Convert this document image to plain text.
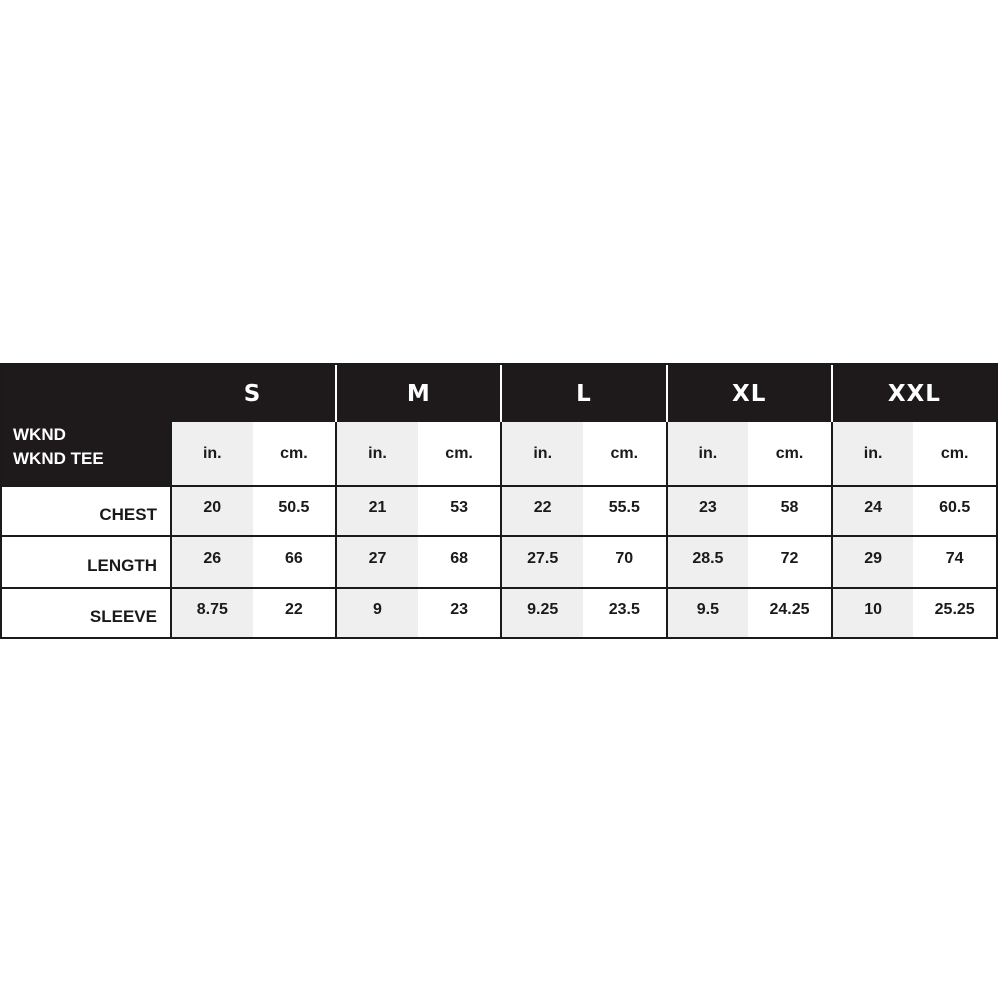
WKND
WKND TEE
S	M	L	XL	XXL
in.	cm.	in.	cm.	in.	cm.	in.	cm.	in.	cm.
CHEST	20	50.5	21	53	22	55.5	23	58	24	60.5
LENGTH	26	66	27	68	27.5	70	28.5	72	29	74
SLEEVE 8.75	22	9	23	9.25	23.5	9.5	24.25	10	25.25
